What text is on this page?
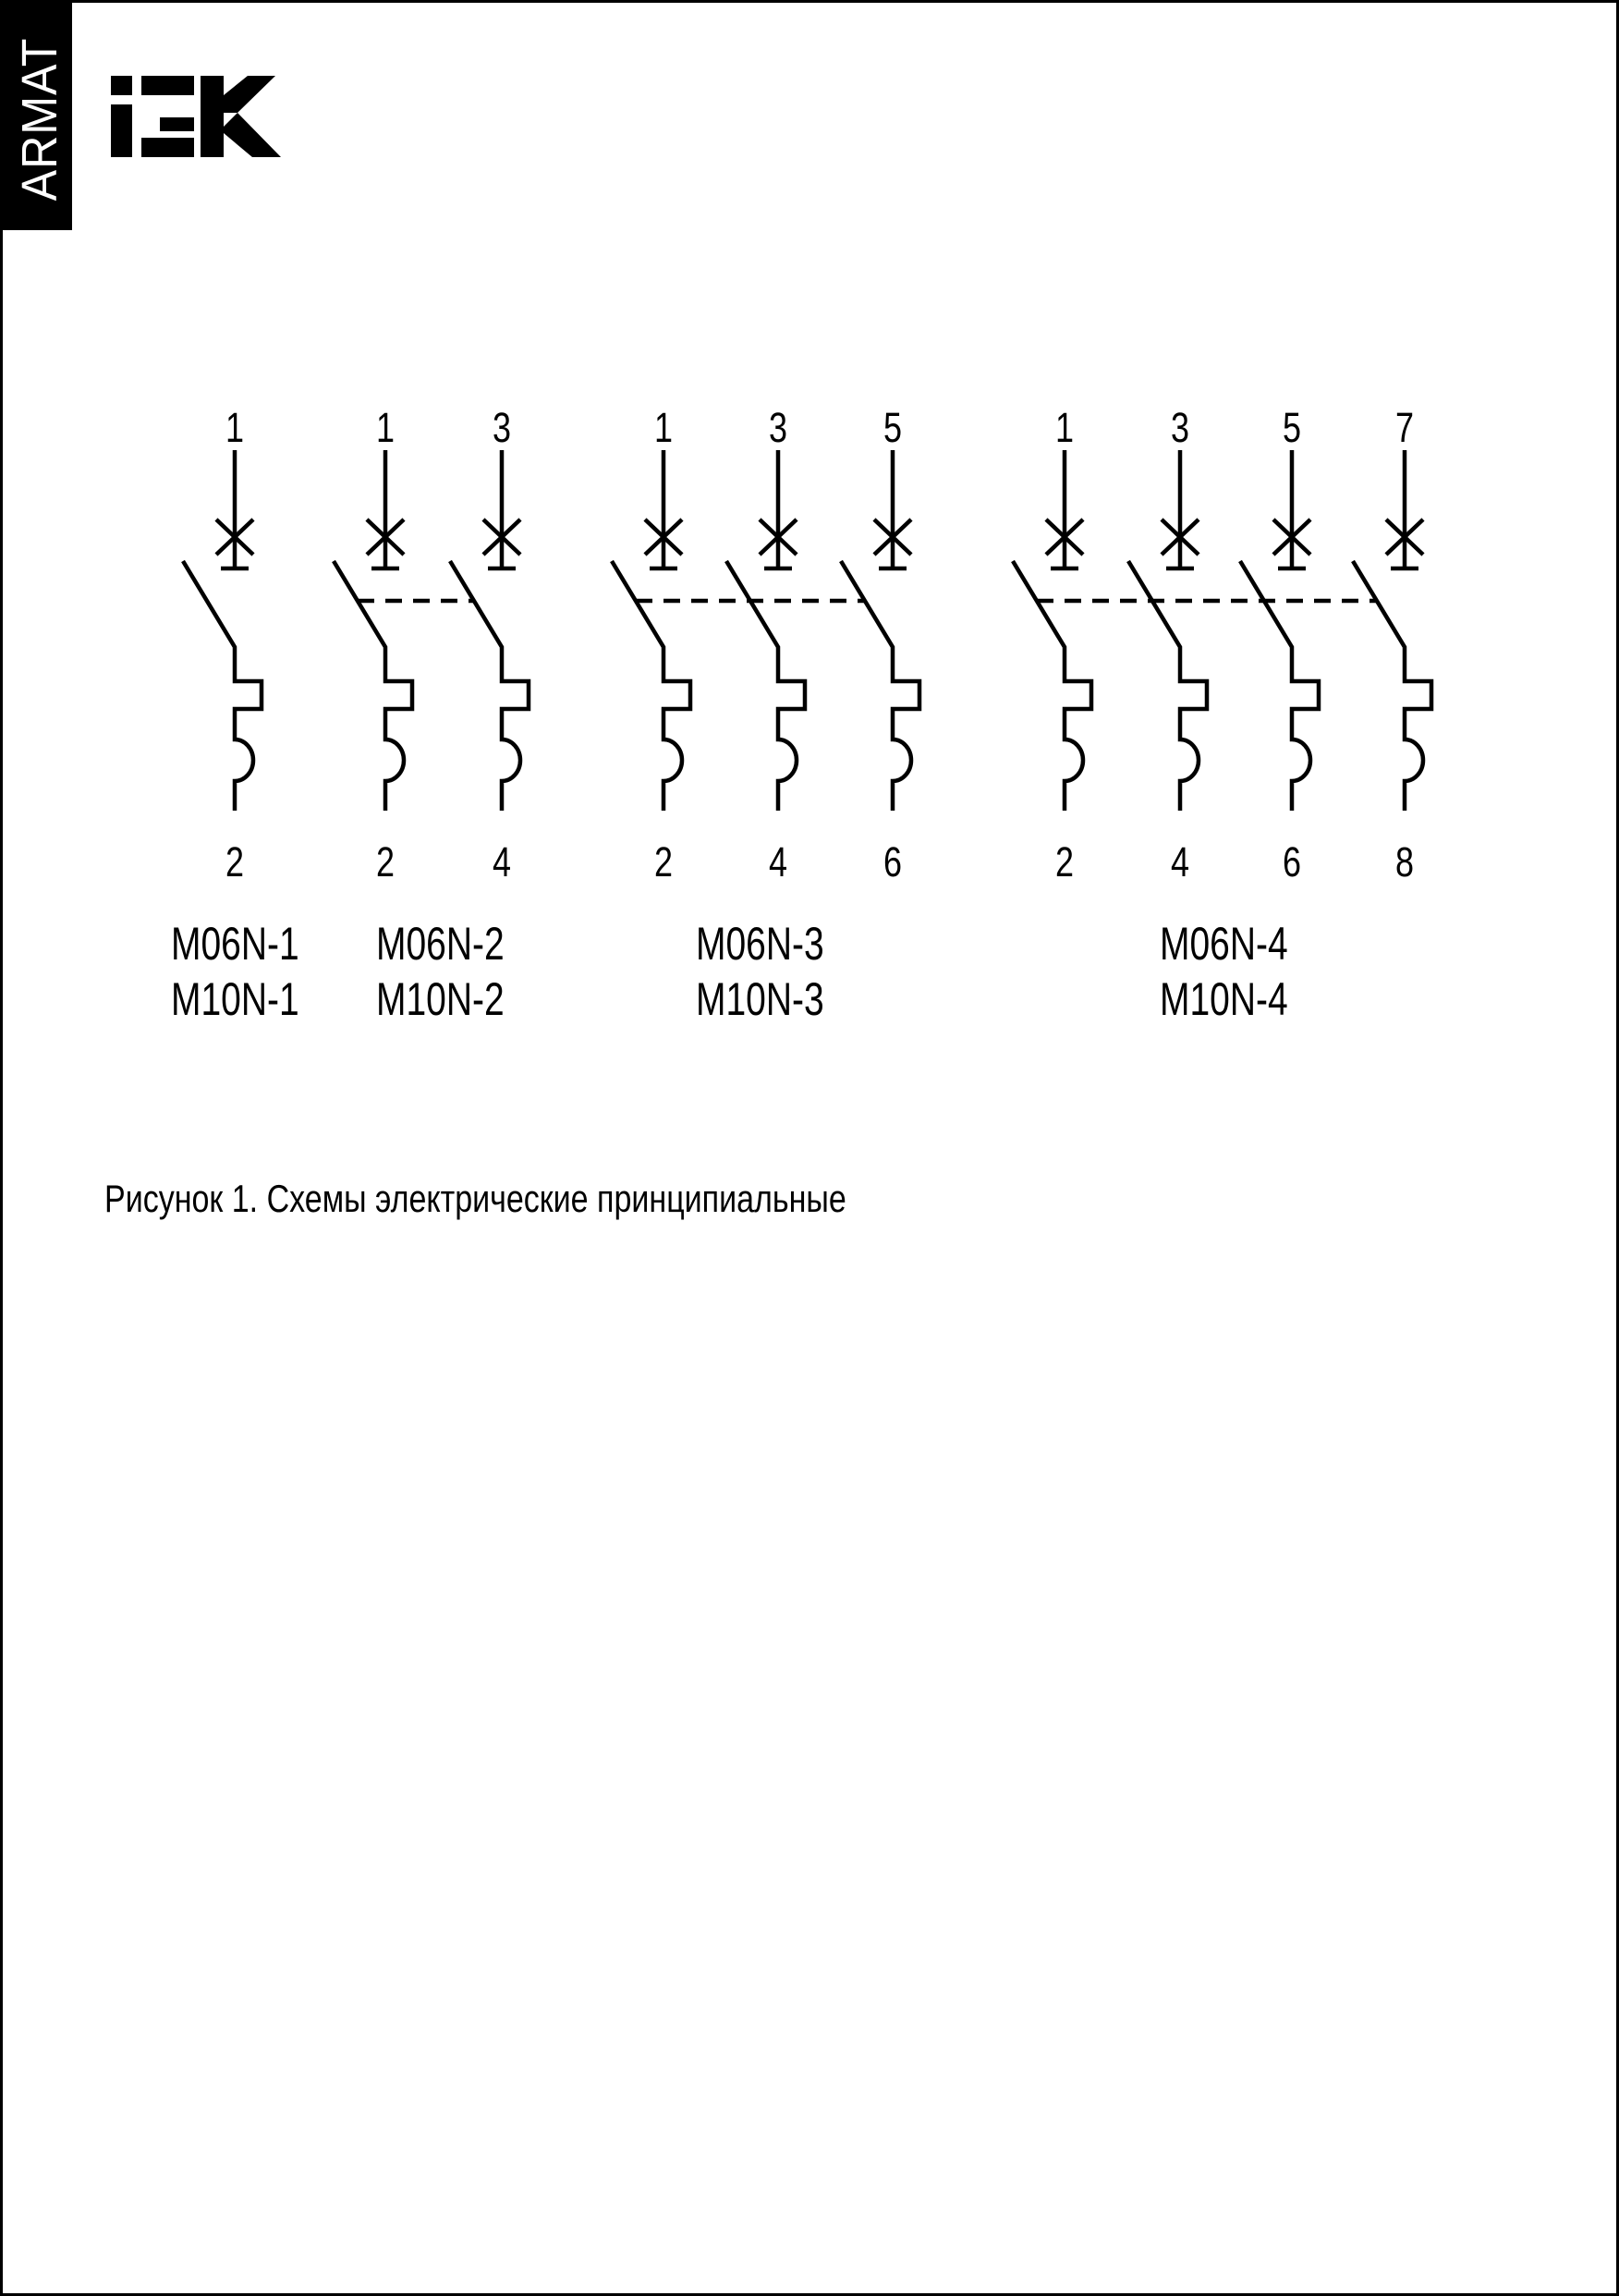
ARMAT
1
2
M06N-1
M10N-1
1
2
3
4
M06N-2
M10N-2
1
2
3
4
5
6
M06N-3
M10N-3
1
2
3
4
5
6
7
8
M06N-4
M10N-4
Рисунок 1. Схемы электрические принципиальные
